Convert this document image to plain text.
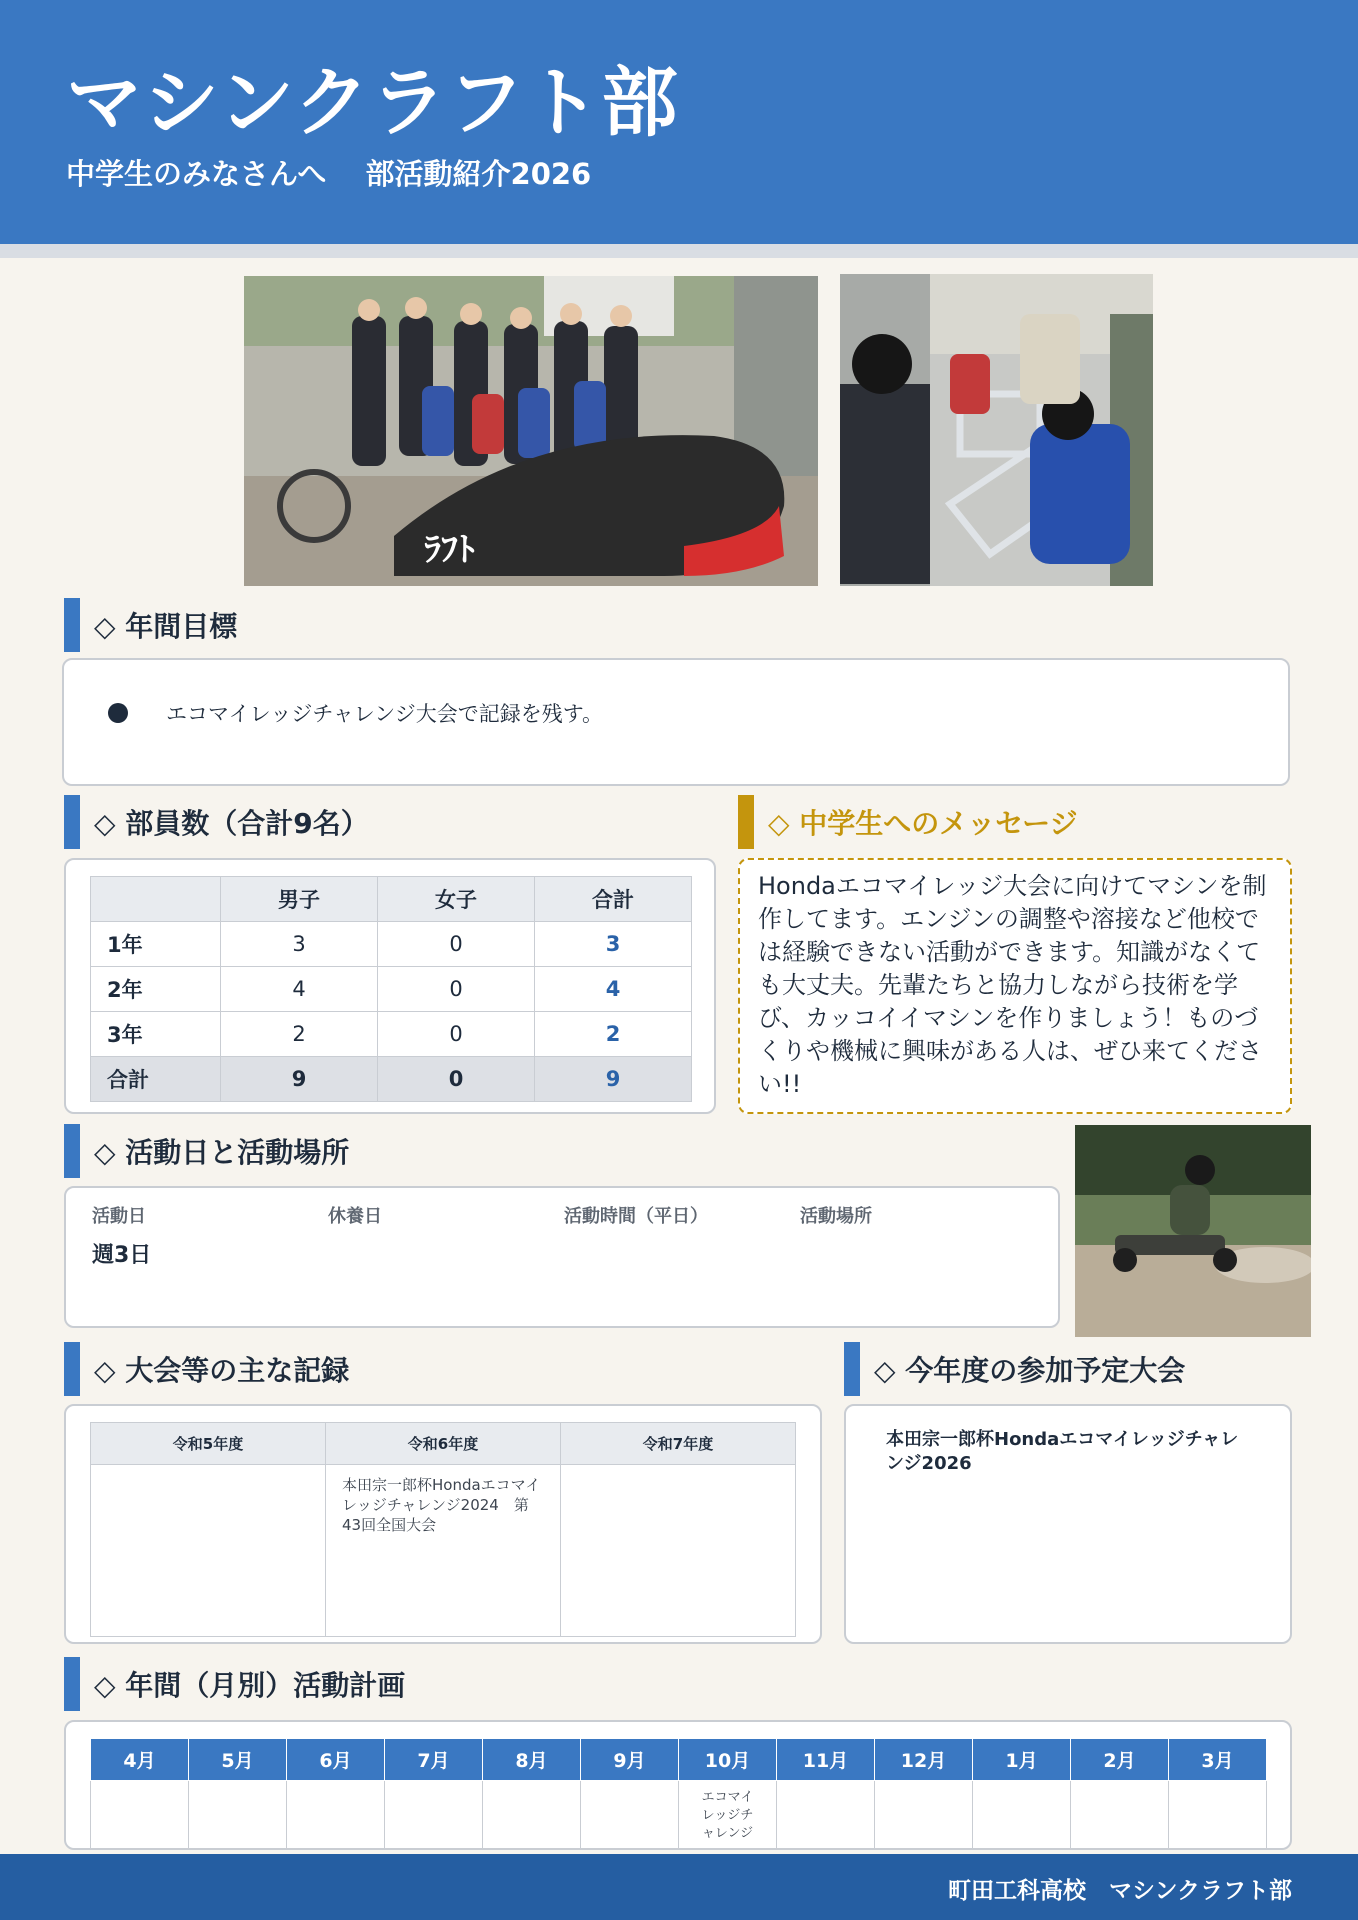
マシンクラフト部
中学生のみなさんへ　 部活動紹介2026
ﾗﾌﾄ
◇ 年間目標
エコマイレッジチャレンジ大会で記録を残す。
◇ 部員数（合計9名）
	男子	女子	合計
1年	3	0	3
2年	4	0	4
3年	2	0	2
合計	9	0	9
◇ 中学生へのメッセージ
Hondaエコマイレッジ大会に向けてマシンを制作してます。エンジンの調整や溶接など他校では経験できない活動ができます。知識がなくても大丈夫。先輩たちと協力しながら技術を学び、カッコイイマシンを作りましょう！ものづくりや機械に興味がある人は、ぜひ来てください!!
◇ 活動日と活動場所
活動日	休養日	活動時間（平日）	活動場所
週3日
◇ 大会等の主な記録
令和5年度	令和6年度	令和7年度
	本田宗一郎杯Hondaエコマイレッジチャレンジ2024　第43回全国大会	
◇ 今年度の参加予定大会
本田宗一郎杯Hondaエコマイレッジチャレンジ2026
◇ 年間（月別）活動計画
4月	5月	6月	7月	8月	9月	10月	11月	12月	1月	2月	3月
						エコマイレッジチャレンジ					
町田工科高校　マシンクラフト部
